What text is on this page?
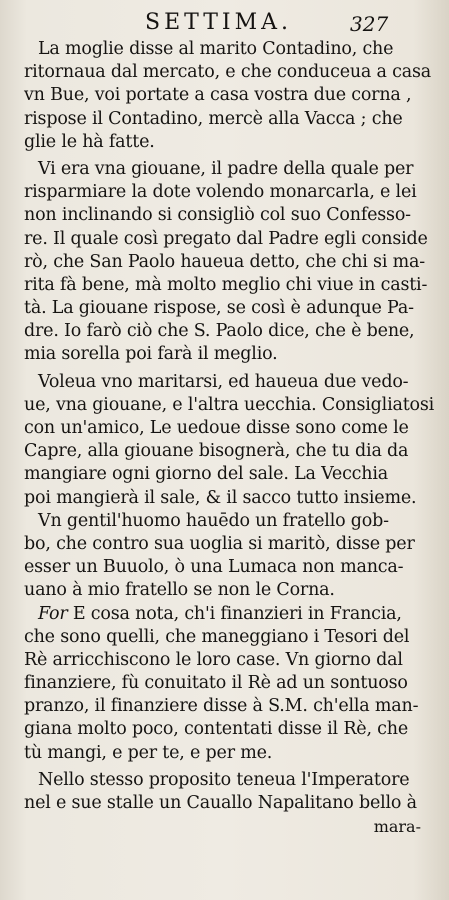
SETTIMA.	327
La moglie disse al marito Contadino, che
ritornaua dal mercato, e che conduceua a casa
vn Bue, voi portate a casa vostra due corna ,
rispose il Contadino, mercè alla Vacca ; che
glie le hà fatte.
Vi era vna giouane, il padre della quale per
risparmiare la dote volendo monarcarla, e lei
non inclinando si consigliò col suo Confesso-
re. Il quale così pregato dal Padre egli conside
rò, che San Paolo haueua detto, che chi si ma-
rita fà bene, mà molto meglio chi viue in casti-
tà. La giouane rispose, se così è adunque Pa-
dre. Io farò ciò che S. Paolo dice, che è bene,
mia sorella poi farà il meglio.
Voleua vno maritarsi, ed haueua due vedo-
ue, vna giouane, e l'altra uecchia. Consigliatosi
con un'amico, Le uedoue disse sono come le
Capre, alla giouane bisognerà, che tu dia da
mangiare ogni giorno del sale. La Vecchia
poi mangierà il sale, & il sacco tutto insieme.
Vn gentil'huomo hauēdo un fratello gob-
bo, che contro sua uoglia si maritò, disse per
esser un Buuolo, ò una Lumaca non manca-
uano à mio fratello se non le Corna.
For E cosa nota, ch'i finanzieri in Francia,
che sono quelli, che maneggiano i Tesori del
Rè arricchiscono le loro case. Vn giorno dal
finanziere, fù conuitato il Rè ad un sontuoso
pranzo, il finanziere disse à S.M. ch'ella man-
giana molto poco, contentati disse il Rè, che
tù mangi, e per te, e per me.
Nello stesso proposito teneua l'Imperatore
nel e sue stalle un Cauallo Napalitano bello à
mara-
